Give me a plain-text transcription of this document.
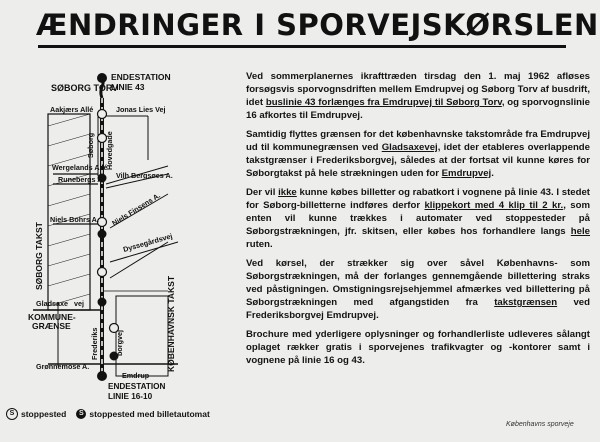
ÆNDRINGER I SPORVEJSKØRSLEN
SØBORG TORV
ENDESTATION
LINIE 43
Aakjærs Allé	Jonas Lies Vej
Søborg Hovedgade
Wergelands Allé
Runebergs A. Vilh Bergsøes A.
Niels Bohrs A. Niels Finsens A.
Dyssegårdsvej
Gladsaxe vej
Frederiks borgvej
Grønnemose A.
Emdrup
ENDESTATION
LINIE 16-10
SØBORG TAKST
KØBENHAVNSK TAKST
KOMMUNE-
GRÆNSE

Ved sommerplanernes ikrafttræden tirsdag den 1. maj 1962 afløses forsøgsvis sporvognsdriften mellem Emdrupvej og Søborg Torv af busdrift, idet buslinie 43 forlænges fra Emdrupvej til Søborg Torv, og sporvognslinie 16 afkortes til Emdrupvej.

Samtidig flyttes grænsen for det københavnske takstområde fra Emdrupvej ud til kommunegrænsen ved Gladsaxevej, idet der etableres overlappende takstgrænser i Frederiksborgvej, således at der fortsat vil kunne køres for Søborgtakst på hele strækningen uden for Emdrupvej.

Der vil ikke kunne købes billetter og rabatkort i vognene på linie 43. I stedet for Søborg-billetterne indføres derfor klippekort med 4 klip til 2 kr., som enten vil kunne trækkes i automater ved stoppesteder på Søborgstrækningen, jfr. skitsen, eller købes hos forhandlere langs hele ruten.

Ved kørsel, der strækker sig over såvel Københavns- som Søborgstrækningen, må der forlanges gennemgående billettering straks ved påstigningen. Omstigningsrejsehjemmel afmærkes ved billettering på Søborgstrækningen med afgangstiden fra takstgrænsen ved Frederiksborgvej Emdrupvej.

Brochure med yderligere oplysninger og forhandlerliste udleveres sålangt oplaget rækker gratis i sporvejenes trafikvagter og -kontorer samt i vognene på linie 16 og 43.

S stoppested	S stoppested med billetautomat
Københavns sporveje
